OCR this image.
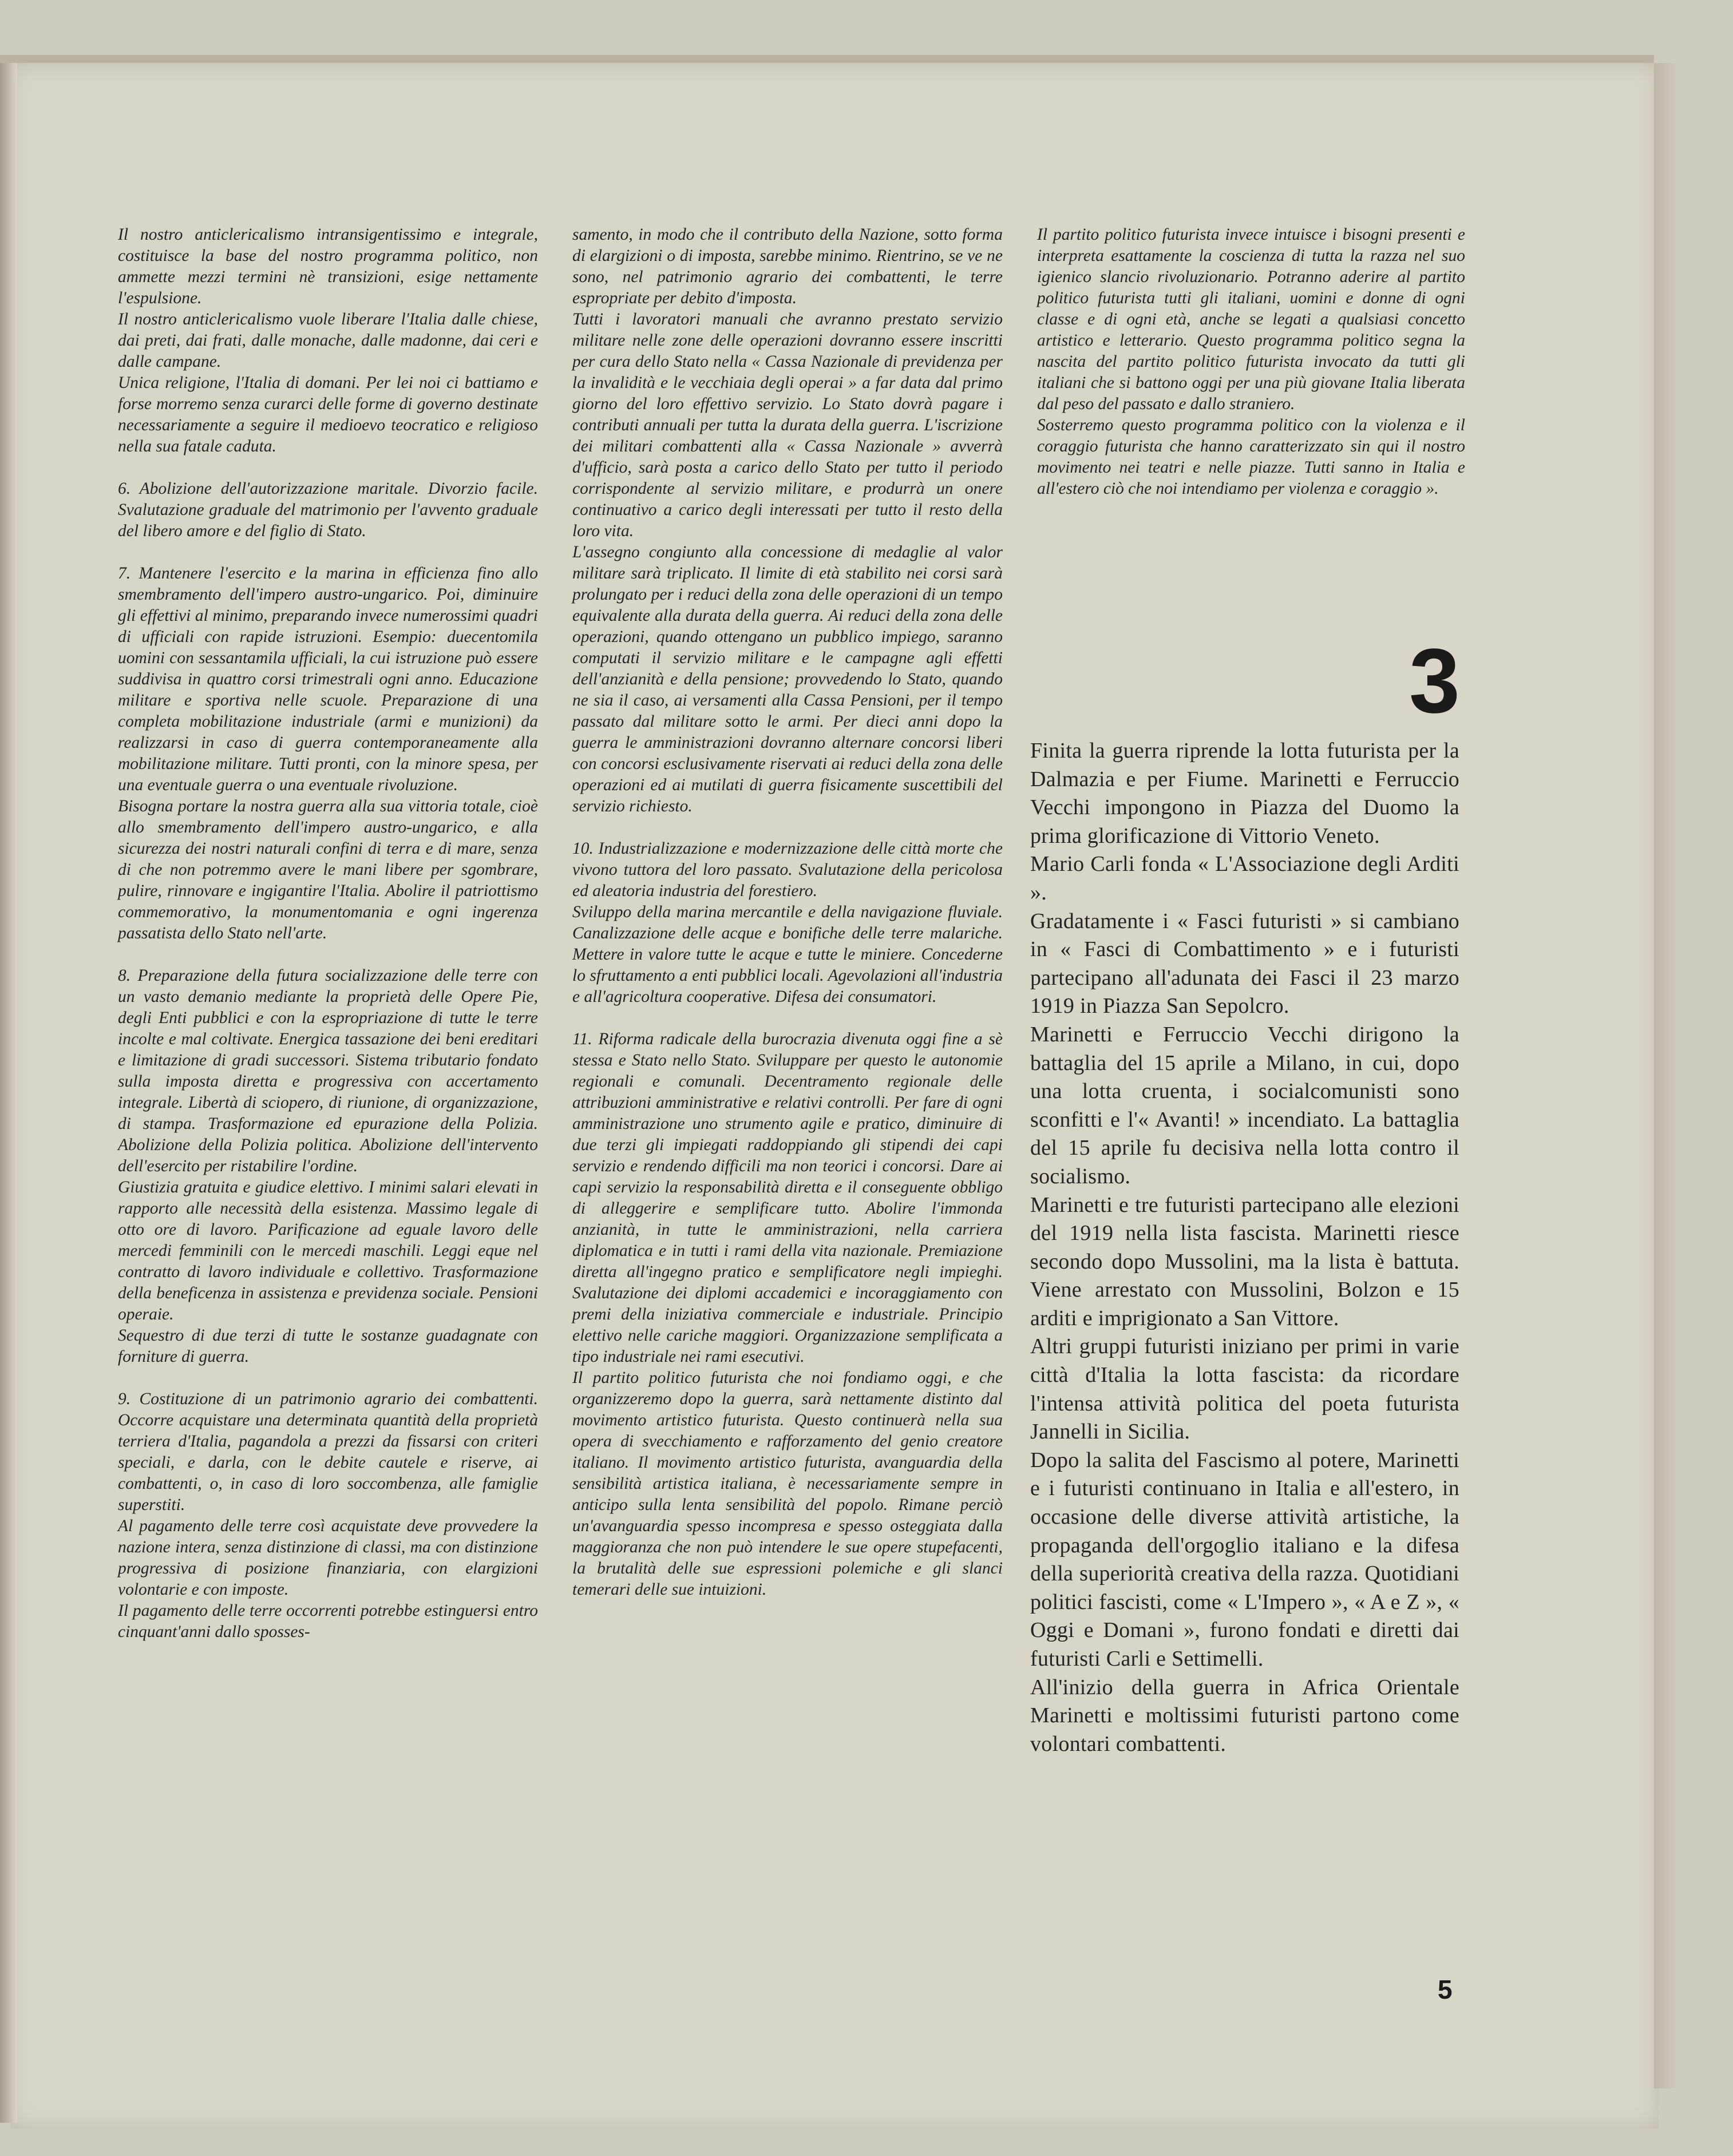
Il nostro anticlericalismo intransigentissimo e integrale, costituisce la base del nostro programma politico, non ammette mezzi termini nè transizioni, esige nettamente l'espulsione.

Il nostro anticlericalismo vuole liberare l'Italia dalle chiese, dai preti, dai frati, dalle monache, dalle madonne, dai ceri e dalle campane.

Unica religione, l'Italia di domani. Per lei noi ci battiamo e forse morremo senza curarci delle forme di governo destinate necessariamente a seguire il medioevo teocratico e religioso nella sua fatale caduta.

6. Abolizione dell'autorizzazione maritale. Divorzio facile. Svalutazione graduale del matrimonio per l'avvento graduale del libero amore e del figlio di Stato.

7. Mantenere l'esercito e la marina in efficienza fino allo smembramento dell'impero austro-ungarico. Poi, diminuire gli effettivi al minimo, preparando invece numerossimi quadri di ufficiali con rapide istruzioni. Esempio: duecentomila uomini con sessantamila ufficiali, la cui istruzione può essere suddivisa in quattro corsi trimestrali ogni anno. Educazione militare e sportiva nelle scuole. Preparazione di una completa mobilitazione industriale (armi e munizioni) da realizzarsi in caso di guerra contemporaneamente alla mobilitazione militare. Tutti pronti, con la minore spesa, per una eventuale guerra o una eventuale rivoluzione.

Bisogna portare la nostra guerra alla sua vittoria totale, cioè allo smembramento dell'impero austro-ungarico, e alla sicurezza dei nostri naturali confini di terra e di mare, senza di che non potremmo avere le mani libere per sgombrare, pulire, rinnovare e ingigantire l'Italia. Abolire il patriottismo commemorativo, la monumentomania e ogni ingerenza passatista dello Stato nell'arte.

8. Preparazione della futura socializzazione delle terre con un vasto demanio mediante la proprietà delle Opere Pie, degli Enti pubblici e con la espropriazione di tutte le terre incolte e mal coltivate. Energica tassazione dei beni ereditari e limitazione di gradi successori. Sistema tributario fondato sulla imposta diretta e progressiva con accertamento integrale. Libertà di sciopero, di riunione, di organizzazione, di stampa. Trasformazione ed epurazione della Polizia. Abolizione della Polizia politica. Abolizione dell'intervento dell'esercito per ristabilire l'ordine.

Giustizia gratuita e giudice elettivo. I minimi salari elevati in rapporto alle necessità della esistenza. Massimo legale di otto ore di lavoro. Parificazione ad eguale lavoro delle mercedi femminili con le mercedi maschili. Leggi eque nel contratto di lavoro individuale e collettivo. Trasformazione della beneficenza in assistenza e previdenza sociale. Pensioni operaie.

Sequestro di due terzi di tutte le sostanze guadagnate con forniture di guerra.

9. Costituzione di un patrimonio agrario dei combattenti. Occorre acquistare una determinata quantità della proprietà terriera d'Italia, pagandola a prezzi da fissarsi con criteri speciali, e darla, con le debite cautele e riserve, ai combattenti, o, in caso di loro soccombenza, alle famiglie superstiti.

Al pagamento delle terre così acquistate deve provvedere la nazione intera, senza distinzione di classi, ma con distinzione progressiva di posizione finanziaria, con elargizioni volontarie e con imposte.

Il pagamento delle terre occorrenti potrebbe estinguersi entro cinquant'anni dallo sposses-

samento, in modo che il contributo della Nazione, sotto forma di elargizioni o di imposta, sarebbe minimo. Rientrino, se ve ne sono, nel patrimonio agrario dei combattenti, le terre espropriate per debito d'imposta.

Tutti i lavoratori manuali che avranno prestato servizio militare nelle zone delle operazioni dovranno essere inscritti per cura dello Stato nella « Cassa Nazionale di previdenza per la invalidità e le vecchiaia degli operai » a far data dal primo giorno del loro effettivo servizio. Lo Stato dovrà pagare i contributi annuali per tutta la durata della guerra. L'iscrizione dei militari combattenti alla « Cassa Nazionale » avverrà d'ufficio, sarà posta a carico dello Stato per tutto il periodo corrispondente al servizio militare, e produrrà un onere continuativo a carico degli interessati per tutto il resto della loro vita.

L'assegno congiunto alla concessione di medaglie al valor militare sarà triplicato. Il limite di età stabilito nei corsi sarà prolungato per i reduci della zona delle operazioni di un tempo equivalente alla durata della guerra. Ai reduci della zona delle operazioni, quando ottengano un pubblico impiego, saranno computati il servizio militare e le campagne agli effetti dell'anzianità e della pensione; provvedendo lo Stato, quando ne sia il caso, ai versamenti alla Cassa Pensioni, per il tempo passato dal militare sotto le armi. Per dieci anni dopo la guerra le amministrazioni dovranno alternare concorsi liberi con concorsi esclusivamente riservati ai reduci della zona delle operazioni ed ai mutilati di guerra fisicamente suscettibili del servizio richiesto.

10. Industrializzazione e modernizzazione delle città morte che vivono tuttora del loro passato. Svalutazione della pericolosa ed aleatoria industria del forestiero.

Sviluppo della marina mercantile e della navigazione fluviale. Canalizzazione delle acque e bonifiche delle terre malariche. Mettere in valore tutte le acque e tutte le miniere. Concederne lo sfruttamento a enti pubblici locali. Agevolazioni all'industria e all'agricoltura cooperative. Difesa dei consumatori.

11. Riforma radicale della burocrazia divenuta oggi fine a sè stessa e Stato nello Stato. Sviluppare per questo le autonomie regionali e comunali. Decentramento regionale delle attribuzioni amministrative e relativi controlli. Per fare di ogni amministrazione uno strumento agile e pratico, diminuire di due terzi gli impiegati raddoppiando gli stipendi dei capi servizio e rendendo difficili ma non teorici i concorsi. Dare ai capi servizio la responsabilità diretta e il conseguente obbligo di alleggerire e semplificare tutto. Abolire l'immonda anzianità, in tutte le amministrazioni, nella carriera diplomatica e in tutti i rami della vita nazionale. Premiazione diretta all'ingegno pratico e semplificatore negli impieghi. Svalutazione dei diplomi accademici e incoraggiamento con premi della iniziativa commerciale e industriale. Principio elettivo nelle cariche maggiori. Organizzazione semplificata a tipo industriale nei rami esecutivi.

Il partito politico futurista che noi fondiamo oggi, e che organizzeremo dopo la guerra, sarà nettamente distinto dal movimento artistico futurista. Questo continuerà nella sua opera di svecchiamento e rafforzamento del genio creatore italiano. Il movimento artistico futurista, avanguardia della sensibilità artistica italiana, è necessariamente sempre in anticipo sulla lenta sensibilità del popolo. Rimane perciò un'avanguardia spesso incompresa e spesso osteggiata dalla maggioranza che non può intendere le sue opere stupefacenti, la brutalità delle sue espressioni polemiche e gli slanci temerari delle sue intuizioni.

Il partito politico futurista invece intuisce i bisogni presenti e interpreta esattamente la coscienza di tutta la razza nel suo igienico slancio rivoluzionario. Potranno aderire al partito politico futurista tutti gli italiani, uomini e donne di ogni classe e di ogni età, anche se legati a qualsiasi concetto artistico e letterario. Questo programma politico segna la nascita del partito politico futurista invocato da tutti gli italiani che si battono oggi per una più giovane Italia liberata dal peso del passato e dallo straniero.

Sosterremo questo programma politico con la violenza e il coraggio futurista che hanno caratterizzato sin qui il nostro movimento nei teatri e nelle piazze. Tutti sanno in Italia e all'estero ciò che noi intendiamo per violenza e coraggio ».

3

Finita la guerra riprende la lotta futurista per la Dalmazia e per Fiume. Marinetti e Ferruccio Vecchi impongono in Piazza del Duomo la prima glorificazione di Vittorio Veneto.

Mario Carli fonda « L'Associazione degli Arditi ».

Gradatamente i « Fasci futuristi » si cambiano in « Fasci di Combattimento » e i futuristi partecipano all'adunata dei Fasci il 23 marzo 1919 in Piazza San Sepolcro.

Marinetti e Ferruccio Vecchi dirigono la battaglia del 15 aprile a Milano, in cui, dopo una lotta cruenta, i socialcomunisti sono sconfitti e l'« Avanti! » incendiato. La battaglia del 15 aprile fu decisiva nella lotta contro il socialismo.

Marinetti e tre futuristi partecipano alle elezioni del 1919 nella lista fascista. Marinetti riesce secondo dopo Mussolini, ma la lista è battuta. Viene arrestato con Mussolini, Bolzon e 15 arditi e imprigionato a San Vittore.

Altri gruppi futuristi iniziano per primi in varie città d'Italia la lotta fascista: da ricordare l'intensa attività politica del poeta futurista Jannelli in Sicilia.

Dopo la salita del Fascismo al potere, Marinetti e i futuristi continuano in Italia e all'estero, in occasione delle diverse attività artistiche, la propaganda dell'orgoglio italiano e la difesa della superiorità creativa della razza. Quotidiani politici fascisti, come « L'Impero », « A e Z », « Oggi e Domani », furono fondati e diretti dai futuristi Carli e Settimelli.

All'inizio della guerra in Africa Orientale Marinetti e moltissimi futuristi partono come volontari combattenti.

5
